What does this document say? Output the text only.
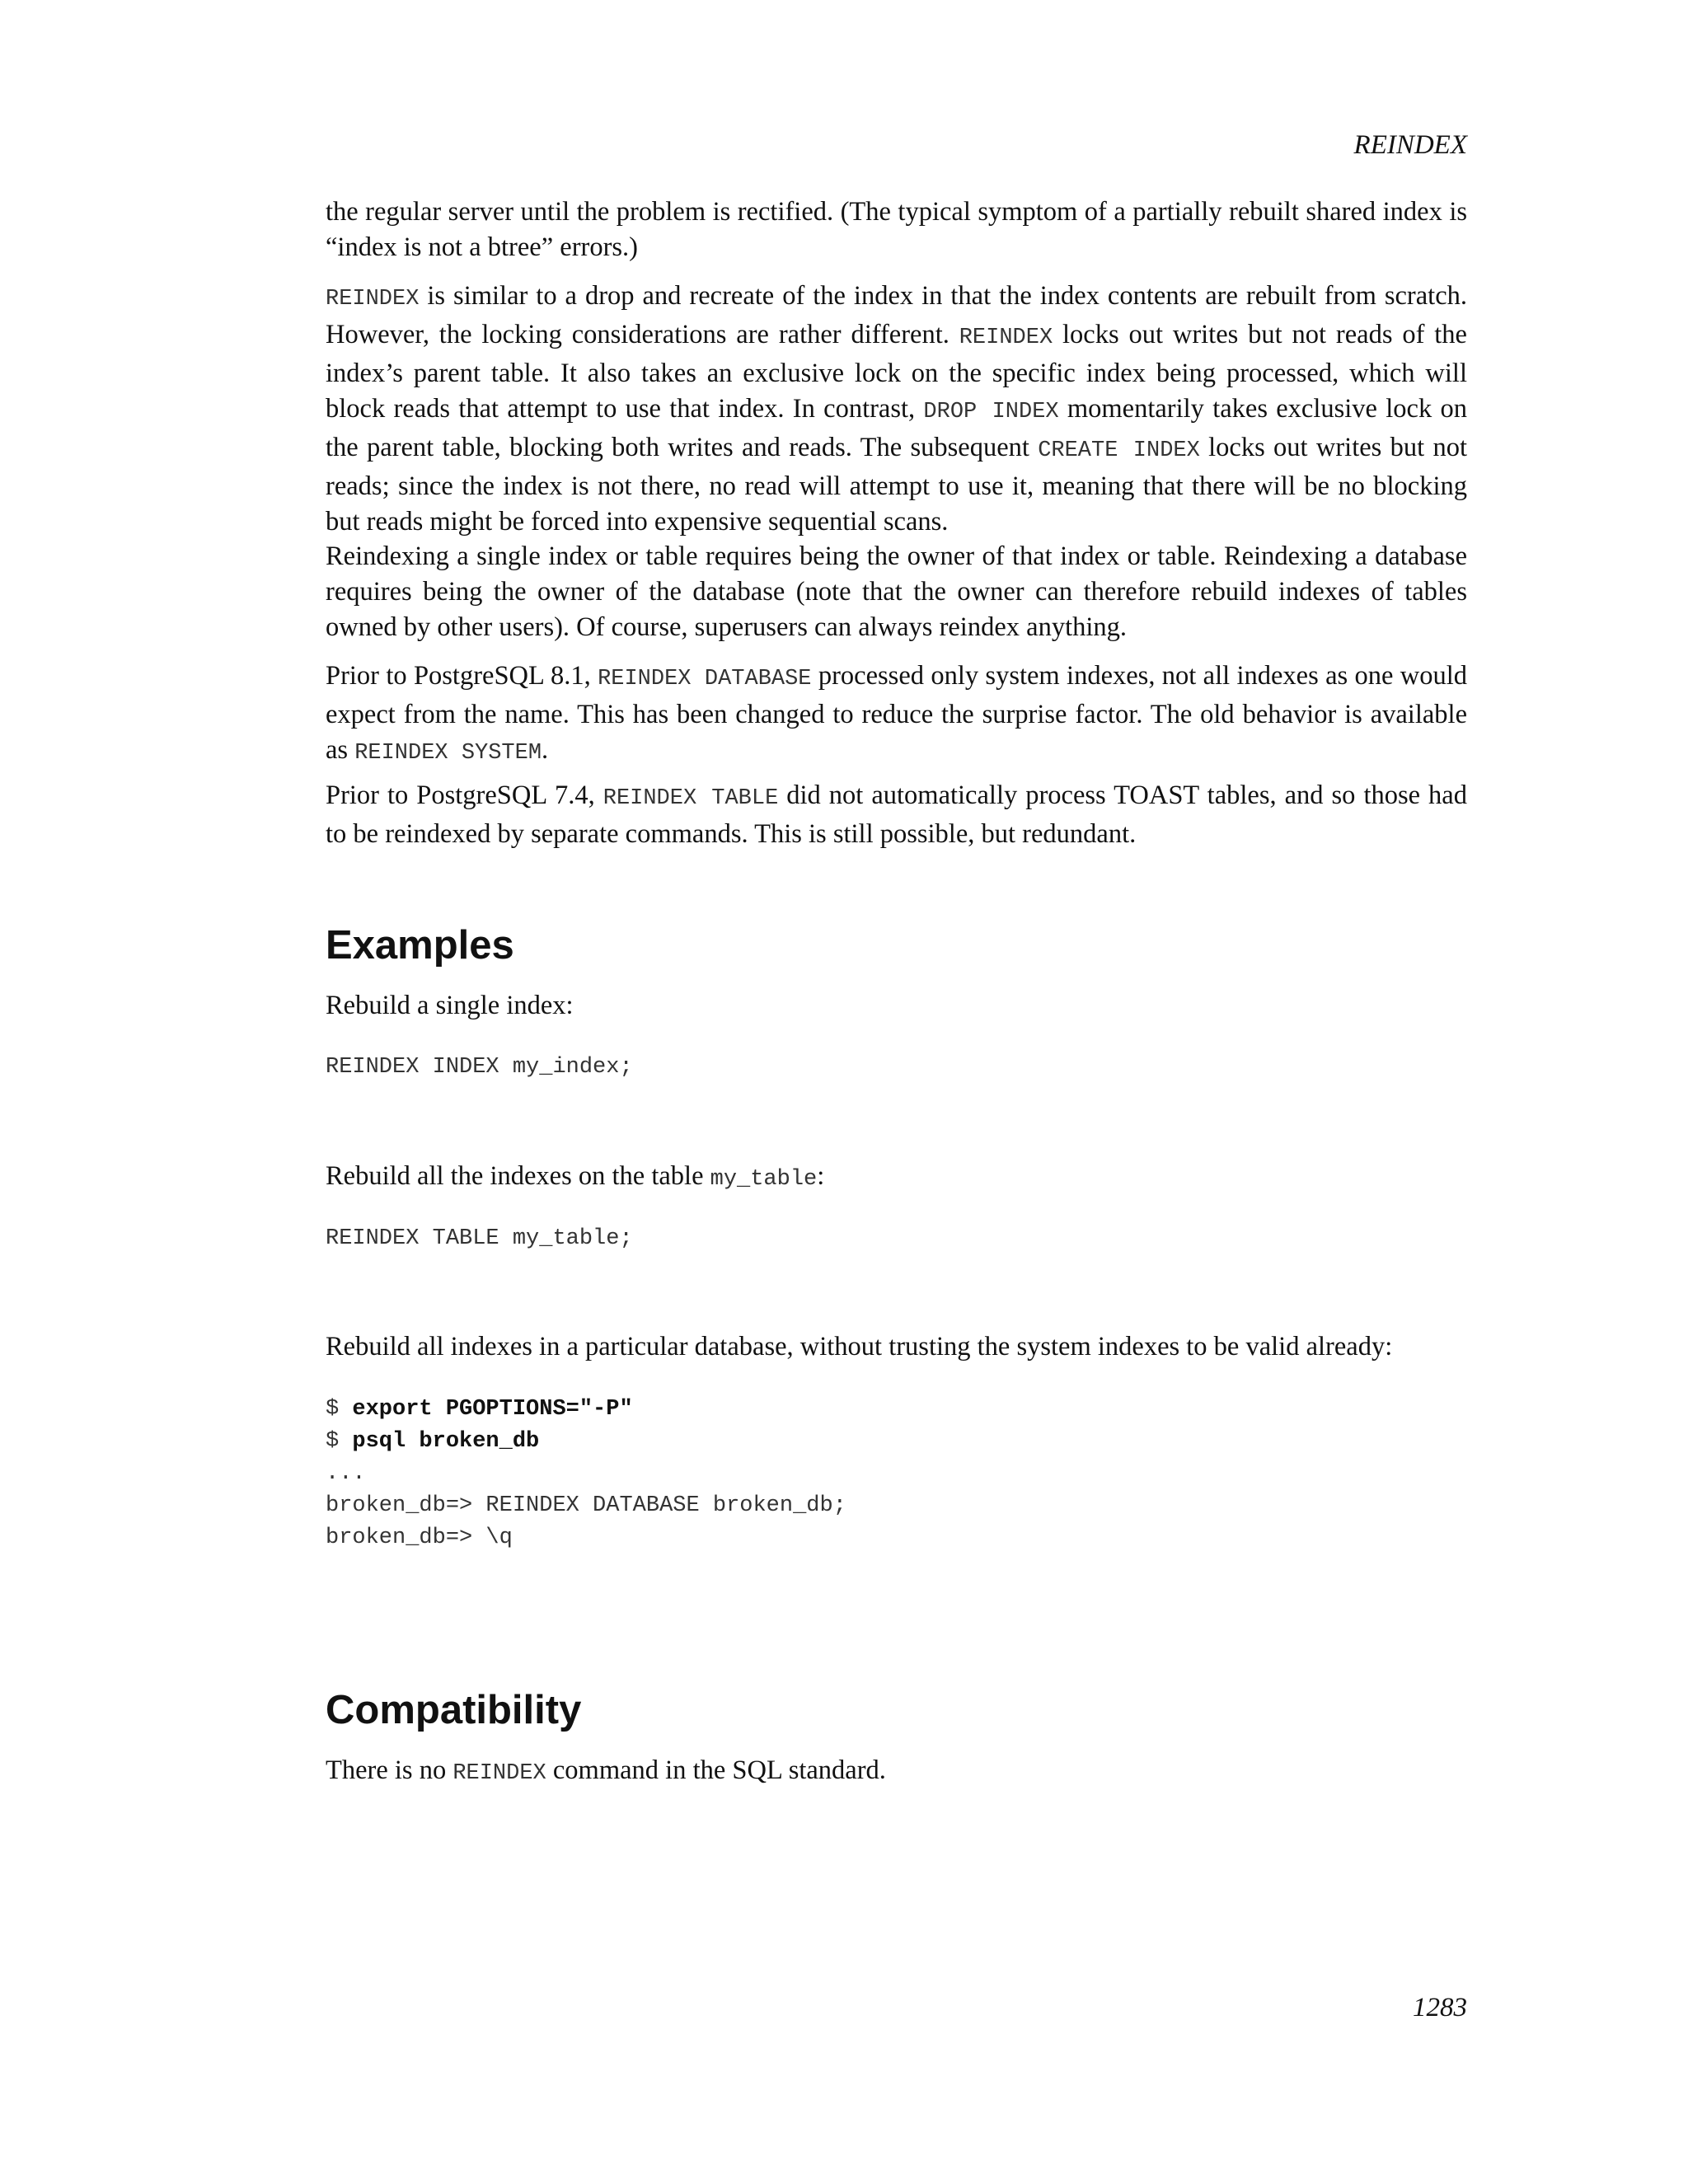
REINDEX

the regular server until the problem is rectified. (The typical symptom of a partially rebuilt shared index is “index is not a btree” errors.)

REINDEX is similar to a drop and recreate of the index in that the index contents are rebuilt from scratch. However, the locking considerations are rather different. REINDEX locks out writes but not reads of the index’s parent table. It also takes an exclusive lock on the specific index being processed, which will block reads that attempt to use that index. In contrast, DROP INDEX momentarily takes exclusive lock on the parent table, blocking both writes and reads. The subsequent CREATE INDEX locks out writes but not reads; since the index is not there, no read will attempt to use it, meaning that there will be no blocking but reads might be forced into expensive sequential scans.

Reindexing a single index or table requires being the owner of that index or table. Reindexing a database requires being the owner of the database (note that the owner can therefore rebuild indexes of tables owned by other users). Of course, superusers can always reindex anything.

Prior to PostgreSQL 8.1, REINDEX DATABASE processed only system indexes, not all indexes as one would expect from the name. This has been changed to reduce the surprise factor. The old behavior is available as REINDEX SYSTEM.

Prior to PostgreSQL 7.4, REINDEX TABLE did not automatically process TOAST tables, and so those had to be reindexed by separate commands. This is still possible, but redundant.

Examples

Rebuild a single index:

REINDEX INDEX my_index;

Rebuild all the indexes on the table my_table:

REINDEX TABLE my_table;

Rebuild all indexes in a particular database, without trusting the system indexes to be valid already:

$ export PGOPTIONS="-P"
$ psql broken_db
...
broken_db=> REINDEX DATABASE broken_db;
broken_db=> \q
Compatibility

There is no REINDEX command in the SQL standard.

1283
